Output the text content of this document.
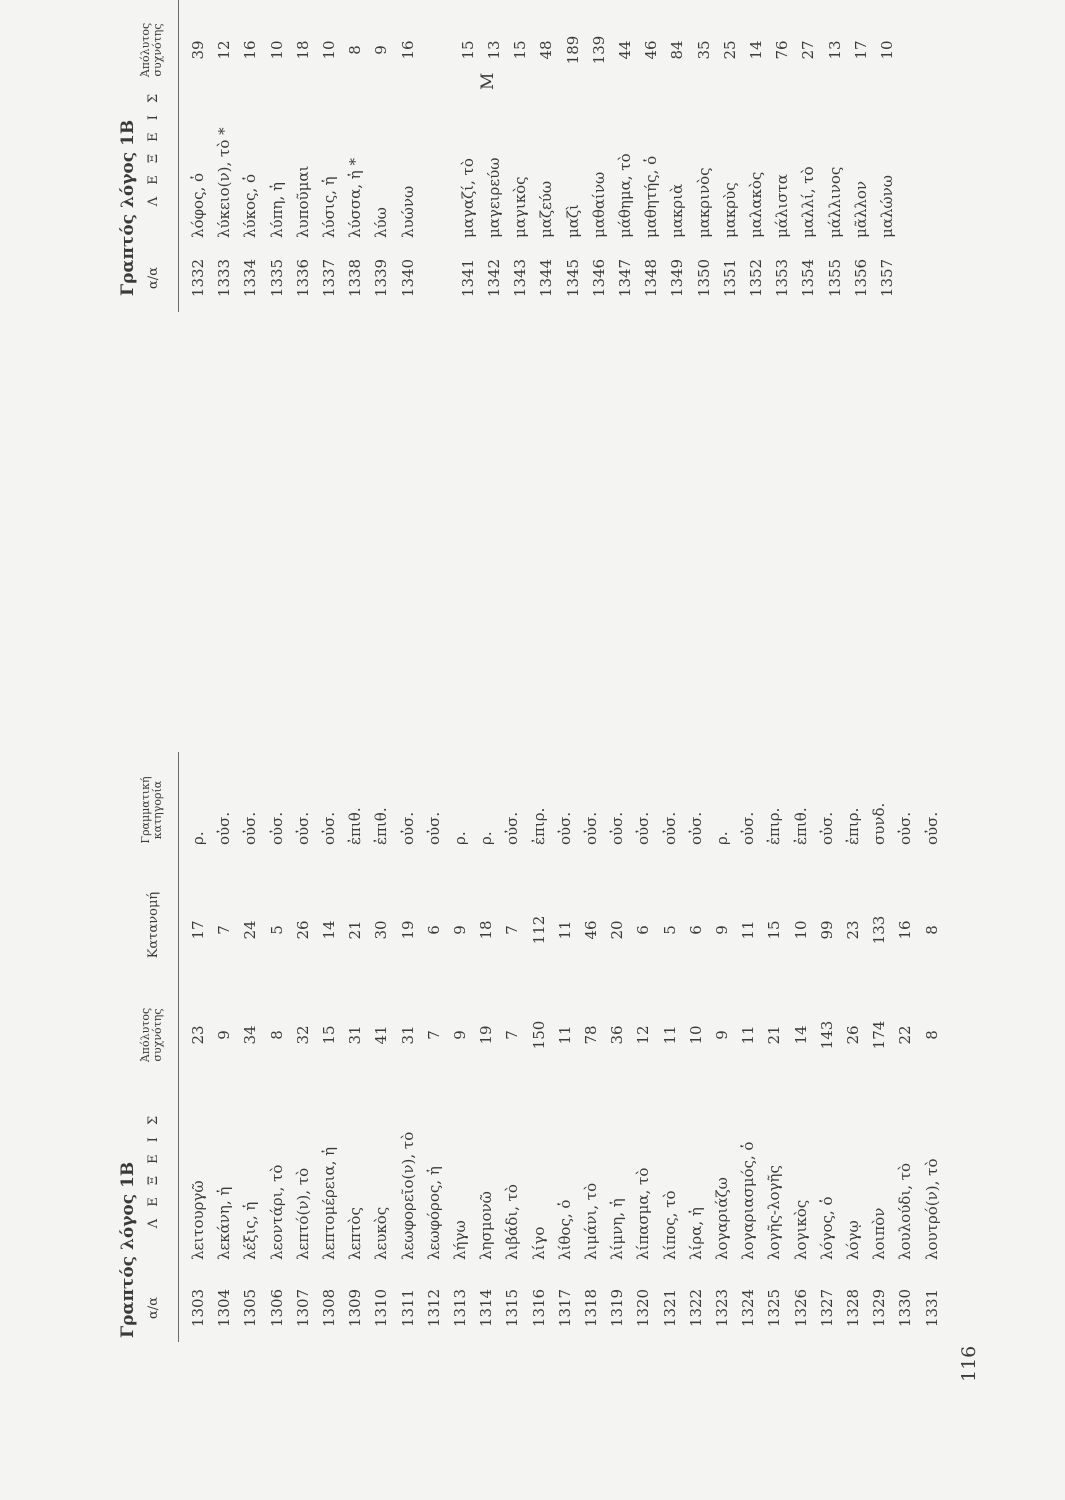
116
Γραπτός λόγος 1Β
Γραπτός λόγος 1Β
α/α
Λ Ε Ξ Ε Ι Σ
Ἀπόλυτος συχνότης
Κατανομή
Γραμματική κατηγορία
α/α
Λ Ε Ξ Ε Ι Σ
Ἀπόλυτος συχνότης
1303
λειτουργῶ
23
17
ρ.
1304
λεκάνη, ἡ
9
7
οὐσ.
1305
λέξις, ἡ
34
24
οὐσ.
1306
λεοντάρι, τὸ
8
5
οὐσ.
1307
λεπτό(ν), τὸ
32
26
οὐσ.
1308
λεπτομέρεια, ἡ
15
14
οὐσ.
1309
λεπτὸς
31
21
ἐπιθ.
1310
λευκὸς
41
30
ἐπιθ.
1311
λεωφορεῖο(ν), τὸ
31
19
οὐσ.
1312
λεωφόρος, ἡ
7
6
οὐσ.
1313
λήγω
9
9
ρ.
1314
λησμονῶ
19
18
ρ.
1315
λιβάδι, τὸ
7
7
οὐσ.
1316
λίγο
150
112
ἐπιρ.
1317
λίθος, ὁ
11
11
οὐσ.
1318
λιμάνι, τὸ
78
46
οὐσ.
1319
λίμνη, ἡ
36
20
οὐσ.
1320
λίπασμα, τὸ
12
6
οὐσ.
1321
λίπος, τὸ
11
5
οὐσ.
1322
λίρα, ἡ
10
6
οὐσ.
1323
λογαριάζω
9
9
ρ.
1324
λογαριασμός, ὁ
11
11
οὐσ.
1325
λογῆς-λογῆς
21
15
ἐπιρ.
1326
λογικὸς
14
10
ἐπιθ.
1327
λόγος, ὁ
143
99
οὐσ.
1328
λόγῳ
26
23
ἐπιρ.
1329
λοιπὸν
174
133
συνδ.
1330
λουλούδι, τὸ
22
16
οὐσ.
1331
λουτρό(ν), τὸ
8
8
οὐσ.
1332
λόφος, ὁ
39
1333
λύκειο(ν), τὸ *
12
1334
λύκος, ὁ
16
1335
λύπη, ἡ
10
1336
λυποῦμαι
18
1337
λύσις, ἡ
10
1338
λύσσα, ἡ *
8
1339
λύω
9
1340
λυώνω
16
1341
μαγαζί, τὸ
15
1342
μαγειρεύω
13
1343
μαγικὸς
15
1344
μαζεύω
48
1345
μαζὶ
189
1346
μαθαίνω
139
1347
μάθημα, τὸ
44
1348
μαθητής, ὁ
46
1349
μακριὰ
84
1350
μακρινὸς
35
1351
μακρὺς
25
1352
μαλακὸς
14
1353
μάλιστα
76
1354
μαλλί, τὸ
27
1355
μάλλινος
13
1356
μᾶλλον
17
1357
μαλώνω
10
Μ
